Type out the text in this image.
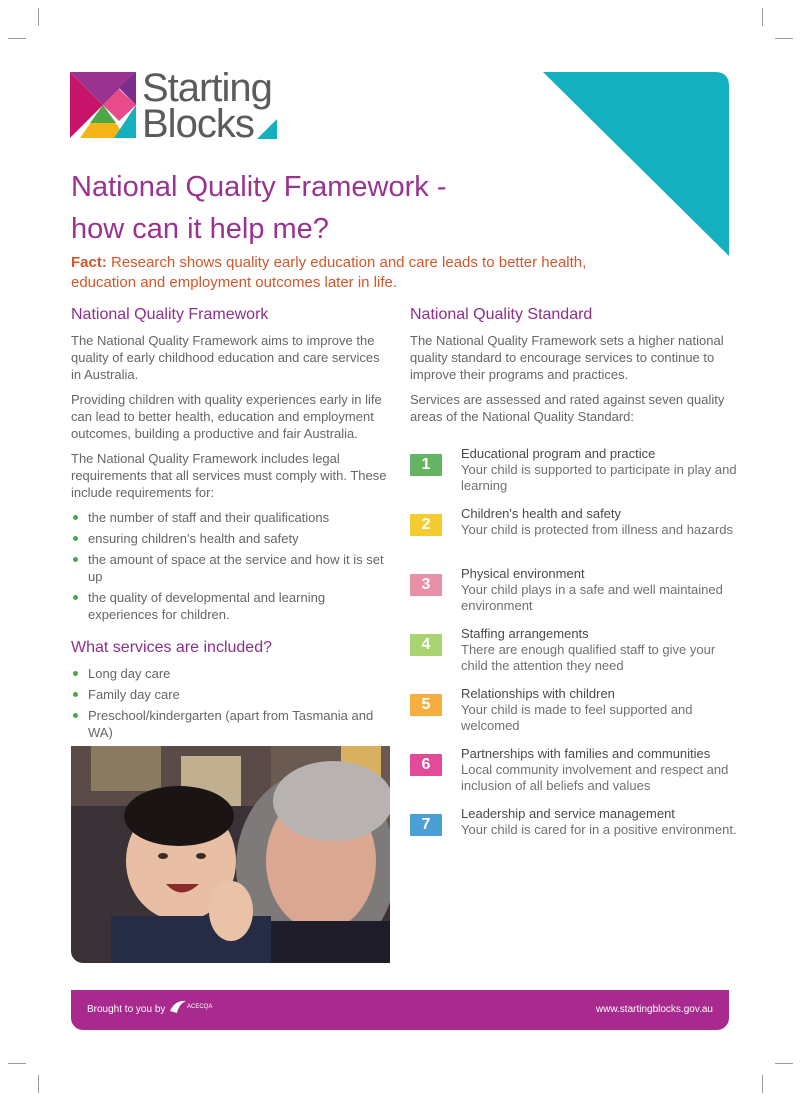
Starting
Blocks
National Quality Framework -
how can it help me?
Fact: Research shows quality early education and care leads to better health, education and employment outcomes later in life.
National Quality Framework

The National Quality Framework aims to improve the quality of early childhood education and care services in Australia.

Providing children with quality experiences early in life can lead to better health, education and employment outcomes, building a productive and fair Australia.

The National Quality Framework includes legal requirements that all services must comply with. These include requirements for:

the number of staff and their qualifications
ensuring children's health and safety
the amount of space at the service and how it is set up
the quality of developmental and learning experiences for children.
What services are included?
Long day care
Family day care
Preschool/kindergarten (apart from Tasmania and WA)
National Quality Standard

The National Quality Framework sets a higher national quality standard to encourage services to continue to improve their programs and practices.

Services are assessed and rated against seven quality areas of the National Quality Standard:

1
Educational program and practice
Your child is supported to participate in play and learning
2
Children's health and safety
Your child is protected from illness and hazards
3
Physical environment
Your child plays in a safe and well maintained environment
4
Staffing arrangements
There are enough qualified staff to give your child the attention they need
5
Relationships with children
Your child is made to feel supported and welcomed
6
Partnerships with families and communities
Local community involvement and respect and inclusion of all beliefs and values
7
Leadership and service management
Your child is cared for in a positive environment.
Brought to you by	ACECQA	www.startingblocks.gov.au
